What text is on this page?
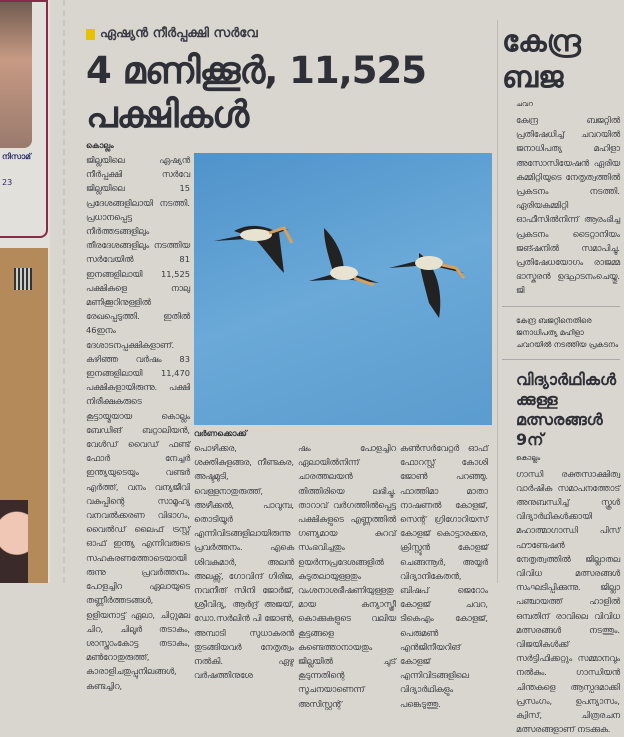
നിസാമ്
23
ഏഷ്യൻ നീർപ്പക്ഷി സർവേ
4 മണിക്കൂർ, 11,525 പക്ഷികൾ
കൊല്ലം
ജില്ലയിലെ ഏഷ്യൻ നീർപ്പക്ഷി സർവേ ജില്ലയിലെ 15 പ്രദേശങ്ങളിലായി നടത്തി. പ്രധാനപ്പെട്ട നീർത്തടങ്ങളിലും തീരദേശങ്ങളിലും നടത്തിയ സർവേയിൽ 81 ഇനങ്ങളിലായി 11,525 പക്ഷികളെ നാലു മണിക്കൂറിനുള്ളിൽ രേഖപ്പെടുത്തി. ഇതിൽ 46ഇനം ദേശാടനപ്പക്ഷികളാണ്. കഴിഞ്ഞ വർഷം 83 ഇനങ്ങളിലായി 11,470 പക്ഷികളായിരുന്നു. പക്ഷി നിരീക്ഷകരുടെ കൂട്ടായ്മയായ കൊല്ലം ബേഡിങ് ബറ്റാലിയൻ, വേൾഡ് വൈഡ് ഫണ്ട് ഫോർ നേച്ചർ ഇന്ത്യയുടെയും വണ്ടർ എർത്ത്, വനം വന്യജീവി വകുപ്പിന്റെ സാമൂഹ്യ വനവൽക്കരണ വിഭാഗം, വൈൽഡ് ലൈഫ് ട്രസ്റ്റ് ഓഫ് ഇന്ത്യ എന്നിവരുടെ സഹകരണത്തോടെയായിരുന്നു പ്രവർത്തനം. പോളച്ചിറ ഏലായുടെ തണ്ണീർത്തടങ്ങൾ, ഉളിയനാട്ട് ഏലാ, ചിറ്റുമല ചിറ, ചിലൂർ തടാകം, ശാസ്താംകോട്ട തടാകം, മൺറോതുരുത്ത്, കാരാളിചതുപ്പുനിലങ്ങൾ, കണ്ടച്ചിറ,
വർണക്കൊക്ക്
പൊഴിക്കര, ശക്തികുളങ്ങര, നീണ്ടകര, അഷ്ടമുടി, വെള്ളനാതുരുത്ത്, അഴീക്കൽ, പാവുമ്പ, തൊടിയൂർ എന്നിവിടങ്ങളിലായിരുന്നു പ്രവർത്തനം. എകെ ശിവകുമാർ, അലൻ അലക്സ്, ഗോവിന്ദ് ഗിരിജ, നവനീത് സിനി ജോർജ്, ശ്രീവിദ്യ, ആർദ്ര് അജയ്, ഡോ.സർലിൻ പി ജോൺ, അമ്പാടി സുധാകരൻ തുടങ്ങിയവർ നേതൃത്വം നൽകി. ഏഴു വർഷത്തിനുശേ
ഷം പോളച്ചിറ ഏലായിൽനിന്ന് ചാരത്തലയൻ തിത്തിരിയെ ലഭിച്ചു. താറാവ് വർഗത്തിൽപ്പെട്ട പക്ഷികളുടെ എണ്ണത്തിൽ ഗണ്യമായ കുറവ് സംഭവിച്ചതും ഉയർന്നപ്രദേശങ്ങളിൽ കുടുതലായുള്ളതും വംശനാശഭീഷണിയുള്ളതുമായ കന്യാസ്ത്രീ കൊക്കുകളുടെ വലിയ കൂട്ടങ്ങളെ കണ്ടെത്താനായതും ജില്ലയിൽ ചുട് കൂടുന്നതിന്റെ സൂചനയാണെന്ന് അസിസ്റ്റന്റ്
കൺസർവേറ്റർ ഓഫ് ഫോറസ്റ്റ് കോശി ജോൺ പറഞ്ഞു. ഫാത്തിമാ മാതാ നാഷണൽ കോളജ്, സെന്റ് ഗ്രിഗോറിയസ് കോളജ് കൊട്ടാരക്കര, ക്രിസ്റ്റൂൻ കോളജ് ചെങ്ങന്നൂർ, അയ്യർ വിദ്യാനികേതൻ, ബിഷപ് ജെറോം കോളജ് ചവറ, ടികെഎം കോളജ്, പെരുമൺ എൻജിനീയറിങ് കോളജ് എന്നിവിടങ്ങളിലെ വിദ്യാർഥികളും പങ്കെടുത്തു.
കേന്ദ്ര ബജ
ചവറ
കേന്ദ്ര ബജറ്റിൽ പ്രതിഷേധിച്ച് ചവറയിൽ ജനാധിപത്യ മഹിളാ അസോസിയേഷൻ ഏരിയ കമ്മിറ്റിയുടെ നേതൃത്വത്തിൽ പ്രകടനം നടത്തി. ഏരിയകമ്മിറ്റി ഓഫീസിൽനിന്ന് ആരംഭിച്ച പ്രകടനം ടൈറ്റാനിയം ജങ്ഷനിൽ സമാപിച്ചു. പ്രതിഷേധയോഗം രാജമ്മ ഭാസ്കരൻ ഉദ്ഘാടനംചെയ്തു. ജി
കേന്ദ്ര ബജറ്റിനെതിരെ ജനാധിപത്യ മഹിളാ ചവറയിൽ നടത്തിയ പ്രകടനം
വിദ്യാർഥികൾക്കുള്ള മത്സരങ്ങൾ 9ന്
കൊല്ലം
ഗാന്ധി രക്തസാക്ഷിത്വ വാർഷിക സമാപനത്തോട് അനുബന്ധിച്ച് സ്കൂൾ വിദ്യാർഥികൾക്കായി മഹാത്മാഗാന്ധി പിസ് ഫൗണ്ടേഷൻ നേതൃത്വത്തിൽ ജില്ലാതല വിവിധ മത്സരങ്ങൾ സംഘടിപ്പിക്കുന്നു. ജില്ലാ പഞ്ചായത്ത് ഹാളിൽ ഒമ്പതിന് രാവിലെ വിവിധ മത്സരങ്ങൾ നടത്തും. വിജയികൾക്ക് സർട്ടിഫിക്കറ്റും സമ്മാനവും നൽകും. ഗാന്ധിയൻ ചിന്തകളെ ആസ്പദമാക്കി പ്രസംഗം, ഉപന്യാസം, ക്വിസ്, ചിത്രരചന മത്സരങ്ങളാണ് നടക്കുക.
